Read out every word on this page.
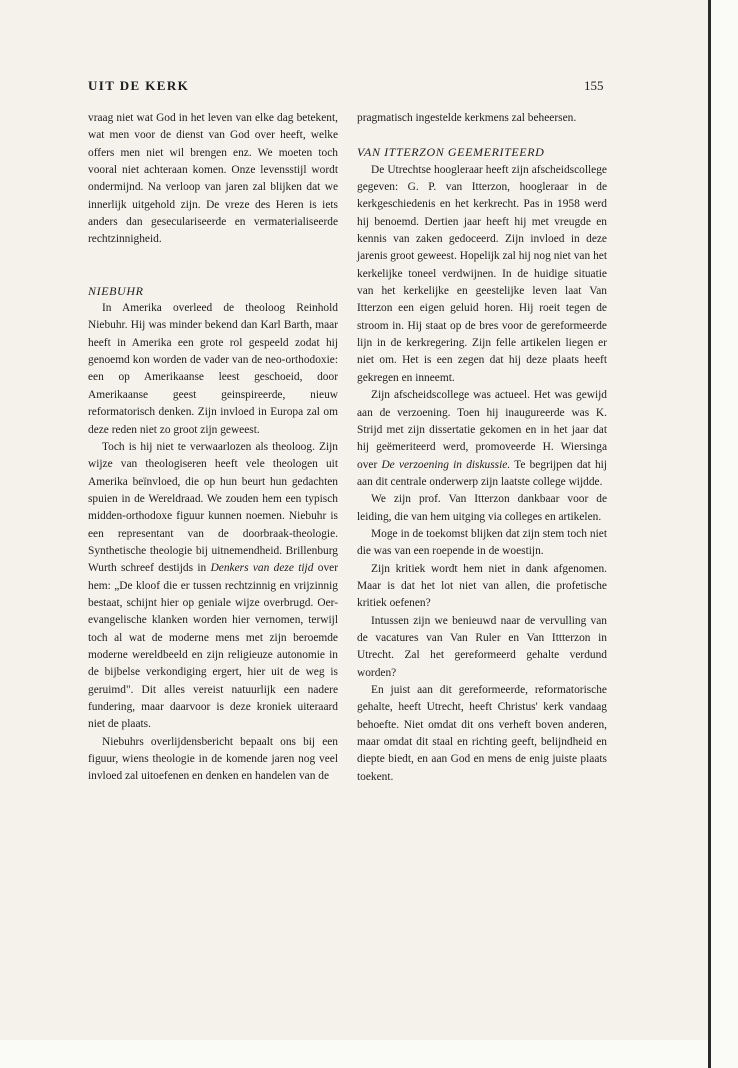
UIT DE KERK	155

vraag niet wat God in het leven van elke dag betekent, wat men voor de dienst van God over heeft, welke offers men niet wil brengen enz. We moeten toch vooral niet achteraan komen. Onze levensstijl wordt ondermijnd. Na verloop van jaren zal blijken dat we innerlijk uitgehold zijn. De vreze des Heren is iets anders dan geseculariseerde en vermaterialiseerde rechtzinnigheid.

NIEBUHR

In Amerika overleed de theoloog Reinhold Niebuhr. Hij was minder bekend dan Karl Barth, maar heeft in Amerika een grote rol gespeeld zodat hij genoemd kon worden de vader van de neo-orthodoxie: een op Amerikaanse leest geschoeid, door Amerikaanse geest geinspireerde, nieuw reformatorisch denken. Zijn invloed in Europa zal om deze reden niet zo groot zijn geweest.

Toch is hij niet te verwaarlozen als theoloog. Zijn wijze van theologiseren heeft vele theologen uit Amerika beïnvloed, die op hun beurt hun gedachten spuien in de Wereldraad. We zouden hem een typisch midden-orthodoxe figuur kunnen noemen. Niebuhr is een representant van de doorbraak-theologie. Synthetische theologie bij uitnemendheid. Brillenburg Wurth schreef destijds in Denkers van deze tijd over hem: „De kloof die er tussen rechtzinnig en vrijzinnig bestaat, schijnt hier op geniale wijze overbrugd. Oer-evangelische klanken worden hier vernomen, terwijl toch al wat de moderne mens met zijn beroemde moderne wereldbeeld en zijn religieuze autonomie in de bijbelse verkondiging ergert, hier uit de weg is geruimd". Dit alles vereist natuurlijk een nadere fundering, maar daarvoor is deze kroniek uiteraard niet de plaats.

Niebuhrs overlijdensbericht bepaalt ons bij een figuur, wiens theologie in de komende jaren nog veel invloed zal uitoefenen en denken en handelen van de

pragmatisch ingestelde kerkmens zal beheersen.

VAN ITTERZON GEEMERITEERD

De Utrechtse hoogleraar heeft zijn afscheidscollege gegeven: G. P. van Itterzon, hoogleraar in de kerkgeschiedenis en het kerkrecht. Pas in 1958 werd hij benoemd. Dertien jaar heeft hij met vreugde en kennis van zaken gedoceerd. Zijn invloed in deze jarenis groot geweest. Hopelijk zal hij nog niet van het kerkelijke toneel verdwijnen. In de huidige situatie van het kerkelijke en geestelijke leven laat Van Itterzon een eigen geluid horen. Hij roeit tegen de stroom in. Hij staat op de bres voor de gereformeerde lijn in de kerkregering. Zijn felle artikelen liegen er niet om. Het is een zegen dat hij deze plaats heeft gekregen en inneemt.

Zijn afscheidscollege was actueel. Het was gewijd aan de verzoening. Toen hij inaugureerde was K. Strijd met zijn dissertatie gekomen en in het jaar dat hij geëmeriteerd werd, promoveerde H. Wiersinga over De verzoening in diskussie. Te begrijpen dat hij aan dit centrale onderwerp zijn laatste college wijdde.

We zijn prof. Van Itterzon dankbaar voor de leiding, die van hem uitging via colleges en artikelen.

Moge in de toekomst blijken dat zijn stem toch niet die was van een roepende in de woestijn.

Zijn kritiek wordt hem niet in dank afgenomen. Maar is dat het lot niet van allen, die profetische kritiek oefenen?

Intussen zijn we benieuwd naar de vervulling van de vacatures van Van Ruler en Van Ittterzon in Utrecht. Zal het gereformeerd gehalte verdund worden?

En juist aan dit gereformeerde, reformatorische gehalte, heeft Utrecht, heeft Christus' kerk vandaag behoefte. Niet omdat dit ons verheft boven anderen, maar omdat dit staal en richting geeft, belijndheid en diepte biedt, en aan God en mens de enig juiste plaats toekent.
